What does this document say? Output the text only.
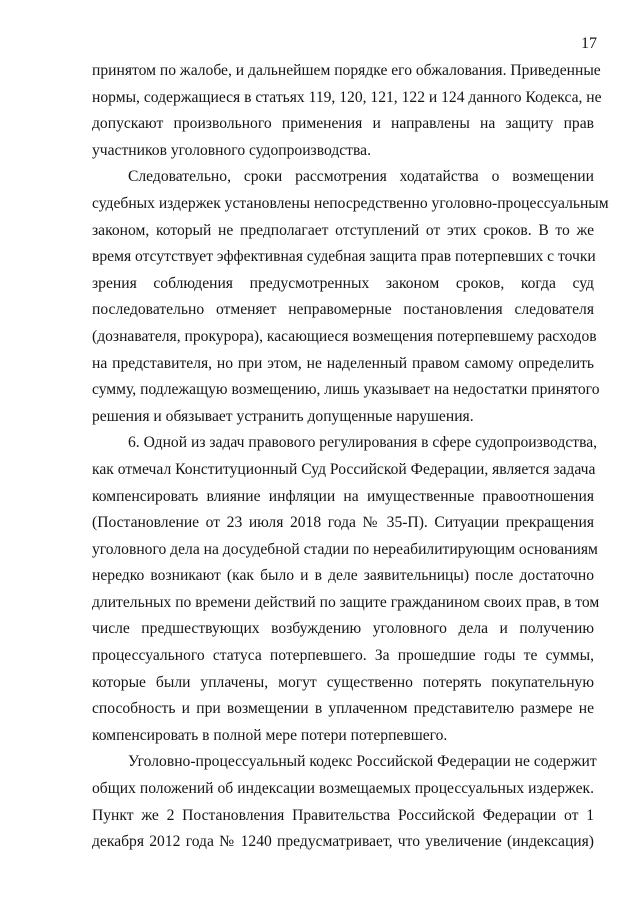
17

принятом по жалобе, и дальнейшем порядке его обжалования. Приведенные
нормы, содержащиеся в статьях 119, 120, 121, 122 и 124 данного Кодекса, не
допускают произвольного применения и направлены на защиту прав
участников уголовного судопроизводства.

Следовательно, сроки рассмотрения ходатайства о возмещении
судебных издержек установлены непосредственно уголовно-процессуальным
законом, который не предполагает отступлений от этих сроков. В то же
время отсутствует эффективная судебная защита прав потерпевших с точки
зрения соблюдения предусмотренных законом сроков, когда суд
последовательно отменяет неправомерные постановления следователя
(дознавателя, прокурора), касающиеся возмещения потерпевшему расходов
на представителя, но при этом, не наделенный правом самому определить
сумму, подлежащую возмещению, лишь указывает на недостатки принятого
решения и обязывает устранить допущенные нарушения.

6. Одной из задач правового регулирования в сфере судопроизводства,
как отмечал Конституционный Суд Российской Федерации, является задача
компенсировать влияние инфляции на имущественные правоотношения
(Постановление от 23 июля 2018 года № 35-П). Ситуации прекращения
уголовного дела на досудебной стадии по нереабилитирующим основаниям
нередко возникают (как было и в деле заявительницы) после достаточно
длительных по времени действий по защите гражданином своих прав, в том
числе предшествующих возбуждению уголовного дела и получению
процессуального статуса потерпевшего. За прошедшие годы те суммы,
которые были уплачены, могут существенно потерять покупательную
способность и при возмещении в уплаченном представителю размере не
компенсировать в полной мере потери потерпевшего.

Уголовно-процессуальный кодекс Российской Федерации не содержит
общих положений об индексации возмещаемых процессуальных издержек.
Пункт же 2 Постановления Правительства Российской Федерации от 1
декабря 2012 года № 1240 предусматривает, что увеличение (индексация)
